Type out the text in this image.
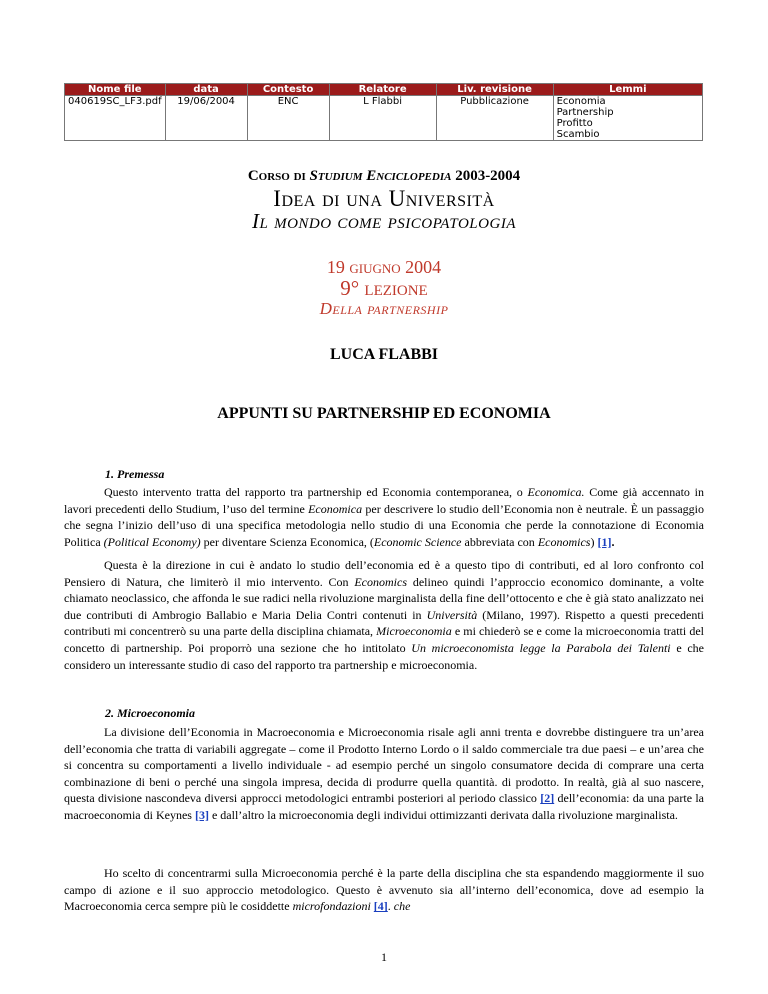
Nome file	data	Contesto	Relatore	Liv. revisione	Lemmi
040619SC_LF3.pdf	19/06/2004	ENC	L Flabbi	Pubblicazione	Economia
Partnership
Profitto
Scambio
Corso di Studium Enciclopedia 2003-2004
Idea di una Università
Il mondo come psicopatologia
19 giugno 2004
9° lezione
Della partnership
LUCA FLABBI
APPUNTI SU PARTNERSHIP ED ECONOMIA
1. Premessa

Questo intervento tratta del rapporto tra partnership ed Economia contemporanea, o Economica. Come già accennato in lavori precedenti dello Studium, l’uso del termine Economica per descrivere lo studio dell’Economia non è neutrale. È un passaggio che segna l’inizio dell’uso di una specifica metodologia nello studio di una Economia che perde la connotazione di Economia Politica (Political Economy) per diventare Scienza Economica, (Economic Science abbreviata con Economics) [1].

Questa è la direzione in cui è andato lo studio dell’economia ed è a questo tipo di contributi, ed al loro confronto col Pensiero di Natura, che limiterò il mio intervento. Con Economics delineo quindi l’approccio economico dominante, a volte chiamato neoclassico, che affonda le sue radici nella rivoluzione marginalista della fine dell’ottocento e che è già stato analizzato nei due contributi di Ambrogio Ballabio e Maria Delia Contri contenuti in Università (Milano, 1997). Rispetto a questi precedenti contributi mi concentrerò su una parte della disciplina chiamata, Microeconomia e mi chiederò se e come la microeconomia tratti del concetto di partnership. Poi proporrò una sezione che ho intitolato Un microeconomista legge la Parabola dei Talenti e che considero un interessante studio di caso del rapporto tra partnership e microeconomia.

2. Microeconomia

La divisione dell’Economia in Macroeconomia e Microeconomia risale agli anni trenta e dovrebbe distinguere tra un’area dell’economia che tratta di variabili aggregate – come il Prodotto Interno Lordo o il saldo commerciale tra due paesi – e un’area che si concentra su comportamenti a livello individuale - ad esempio perché un singolo consumatore decida di comprare una certa combinazione di beni o perché una singola impresa, decida di produrre quella quantità. di prodotto. In realtà, già al suo nascere, questa divisione nascondeva diversi approcci metodologici entrambi posteriori al periodo classico [2] dell’economia: da una parte la macroeconomia di Keynes [3] e dall’altro la microeconomia degli individui ottimizzanti derivata dalla rivoluzione marginalista.

Ho scelto di concentrarmi sulla Microeconomia perché è la parte della disciplina che sta espandendo maggiormente il suo campo di azione e il suo approccio metodologico. Questo è avvenuto sia all’interno dell’economica, dove ad esempio la Macroeconomia cerca sempre più le cosiddette microfondazioni [4]. che

1
